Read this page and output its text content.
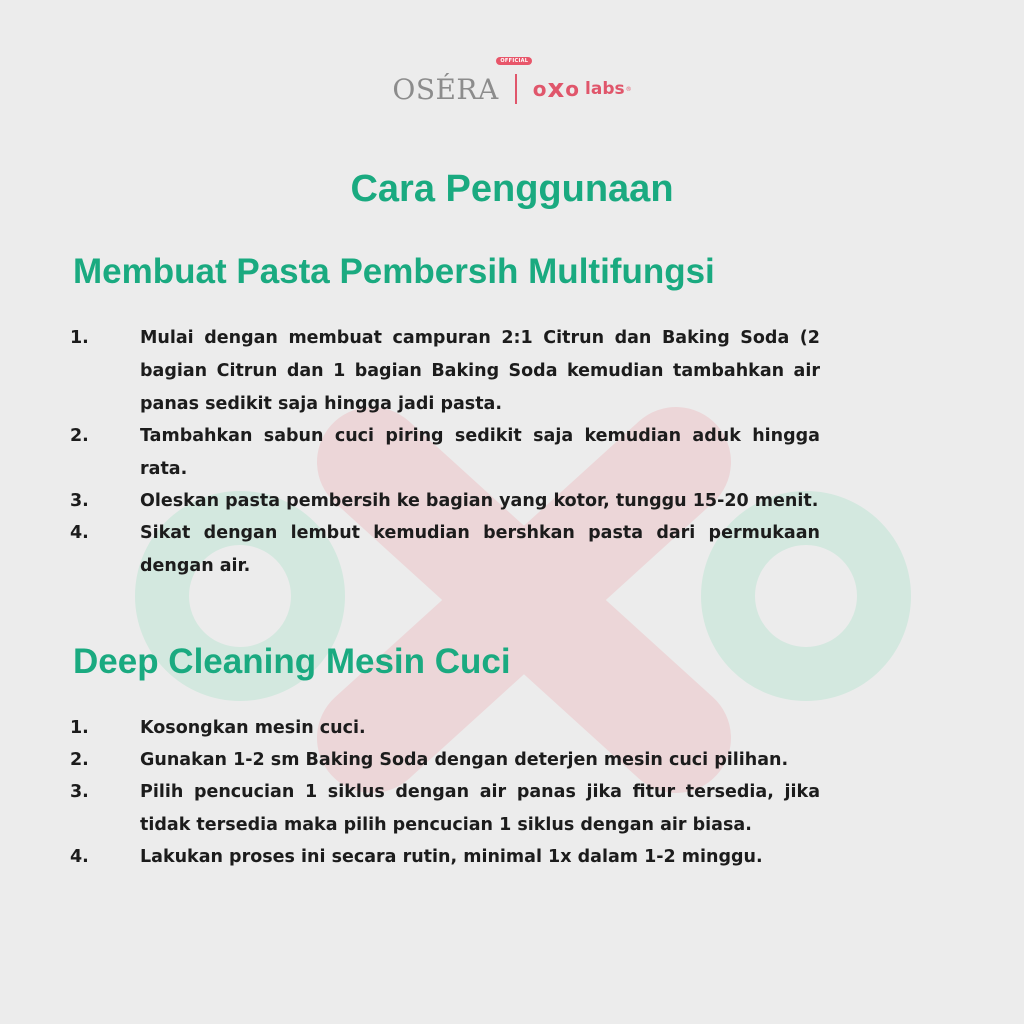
OFFICIAL
OSÉRA o x o labs ®
Cara Penggunaan
Membuat Pasta Pembersih Multifungsi
1.	Mulai dengan membuat campuran 2:1 Citrun dan Baking Soda (2 bagian Citrun dan 1 bagian Baking Soda kemudian tambahkan air panas sedikit saja hingga jadi pasta.
2.	Tambahkan sabun cuci piring sedikit saja kemudian aduk hingga rata.
3.	Oleskan pasta pembersih ke bagian yang kotor, tunggu 15-20 menit.
4.	Sikat dengan lembut kemudian bershkan pasta dari permukaan dengan air.
Deep Cleaning Mesin Cuci
1.	Kosongkan mesin cuci.
2.	Gunakan 1-2 sm Baking Soda dengan deterjen mesin cuci pilihan.
3.	Pilih pencucian 1 siklus dengan air panas jika fitur tersedia, jika tidak tersedia maka pilih pencucian 1 siklus dengan air biasa.
4.	Lakukan proses ini secara rutin, minimal 1x dalam 1-2 minggu.
